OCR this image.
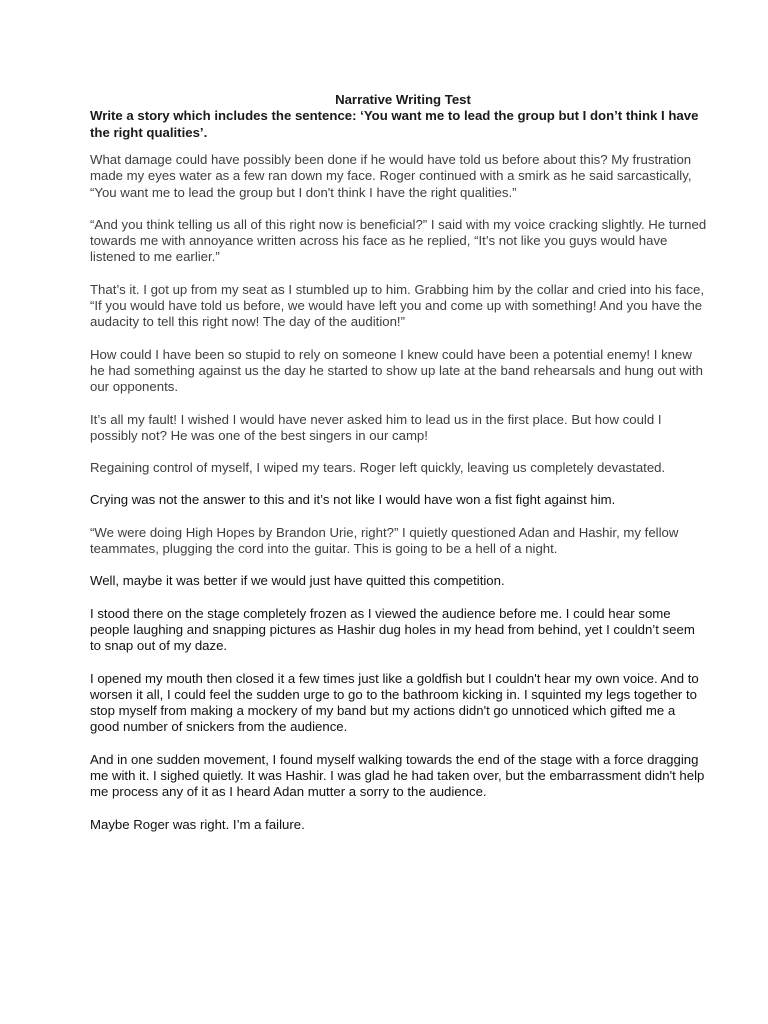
Narrative Writing Test

Write a story which includes the sentence: ‘You want me to lead the group but I don’t think I have the right qualities’.

What damage could have possibly been done if he would have told us before about this? My frustration made my eyes water as a few ran down my face. Roger continued with a smirk as he said sarcastically, “You want me to lead the group but I don't think I have the right qualities.”

“And you think telling us all of this right now is beneficial?” I said with my voice cracking slightly. He turned towards me with annoyance written across his face as he replied, “It’s not like you guys would have listened to me earlier.”

That’s it. I got up from my seat as I stumbled up to him. Grabbing him by the collar and cried into his face, “If you would have told us before, we would have left you and come up with something! And you have the audacity to tell this right now! The day of the audition!”

How could I have been so stupid to rely on someone I knew could have been a potential enemy! I knew he had something against us the day he started to show up late at the band rehearsals and hung out with our opponents.

It’s all my fault! I wished I would have never asked him to lead us in the first place. But how could I possibly not? He was one of the best singers in our camp!

Regaining control of myself, I wiped my tears. Roger left quickly, leaving us completely devastated.

Crying was not the answer to this and it’s not like I would have won a fist fight against him.

“We were doing High Hopes by Brandon Urie, right?” I quietly questioned Adan and Hashir, my fellow teammates, plugging the cord into the guitar. This is going to be a hell of a night.

Well, maybe it was better if we would just have quitted this competition.

I stood there on the stage completely frozen as I viewed the audience before me. I could hear some people laughing and snapping pictures as Hashir dug holes in my head from behind, yet I couldn’t seem to snap out of my daze.

I opened my mouth then closed it a few times just like a goldfish but I couldn't hear my own voice. And to worsen it all, I could feel the sudden urge to go to the bathroom kicking in. I squinted my legs together to stop myself from making a mockery of my band but my actions didn't go unnoticed which gifted me a good number of snickers from the audience.

And in one sudden movement, I found myself walking towards the end of the stage with a force dragging me with it. I sighed quietly. It was Hashir. I was glad he had taken over, but the embarrassment didn't help me process any of it as I heard Adan mutter a sorry to the audience.

Maybe Roger was right. I’m a failure.
